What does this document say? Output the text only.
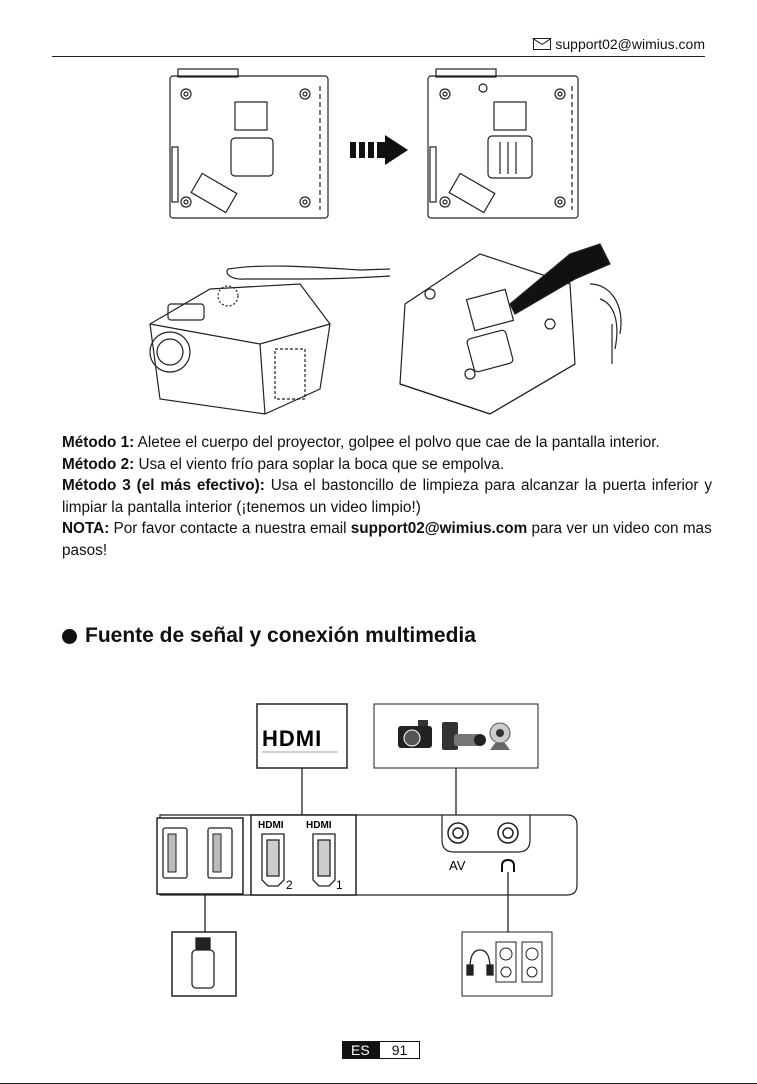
support02@wimius.com

Método 1: Aletee el cuerpo del proyector, golpee el polvo que cae de la pantalla interior.

Método 2: Usa el viento frío para soplar la boca que se empolva.

Método 3 (el más efectivo): Usa el bastoncillo de limpieza para alcanzar la puerta inferior y limpiar la pantalla interior (¡tenemos un video limpio!)

NOTA: Por favor contacte a nuestra email support02@wimius.com para ver un video con mas pasos!

Fuente de señal y conexión multimedia
HDMI
HDMI HDMI
2	1
AV
ES	91
